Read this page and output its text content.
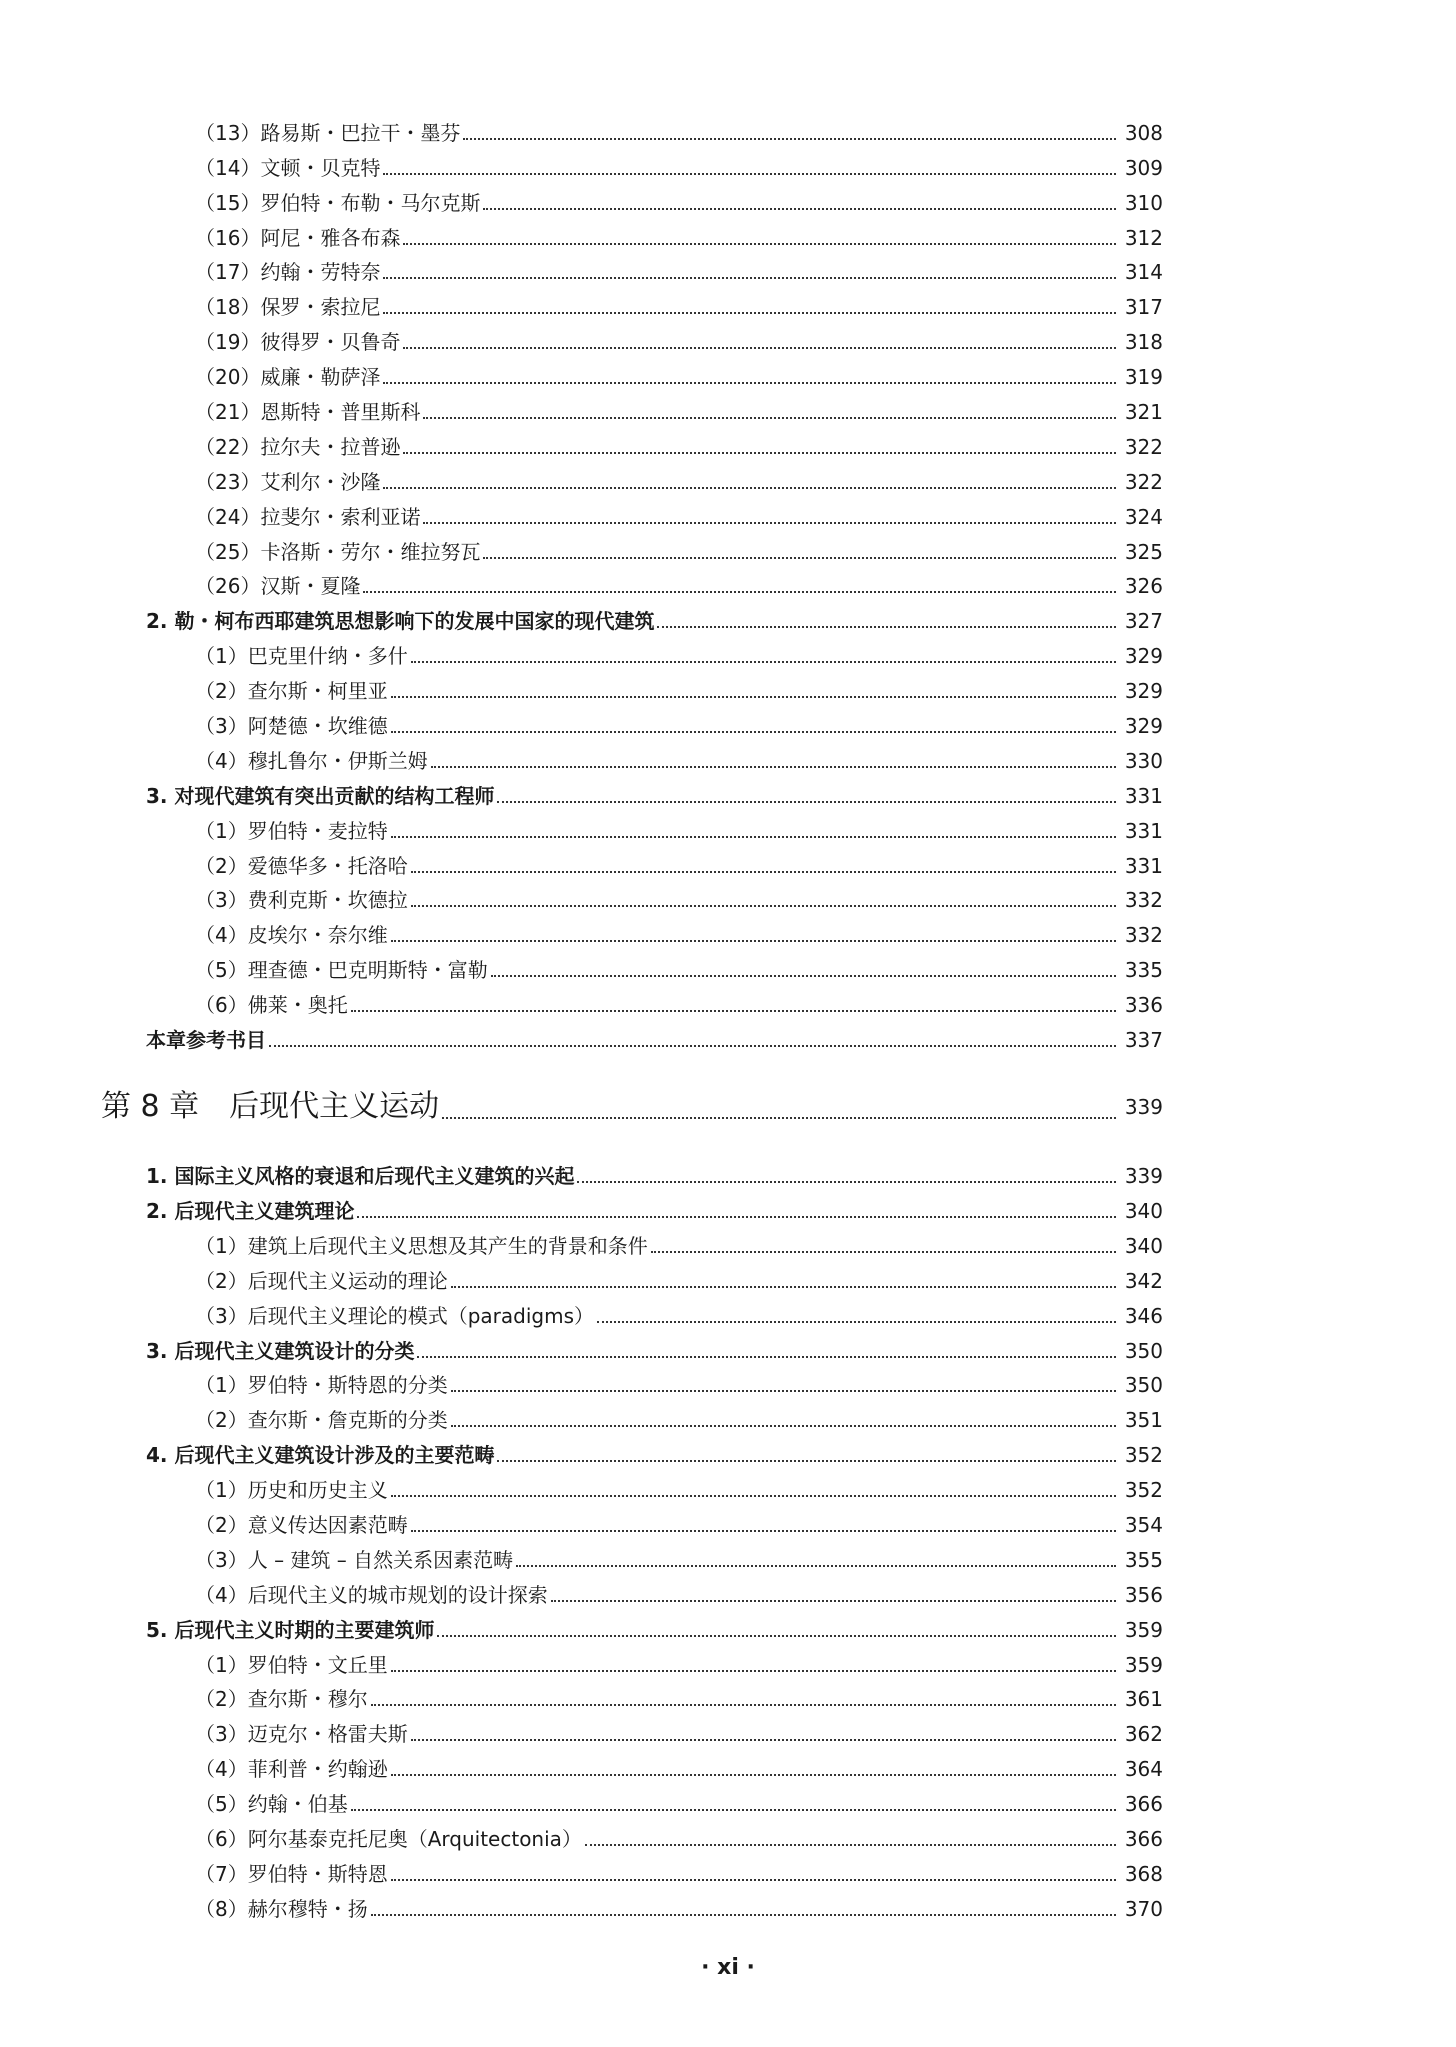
（13）路易斯・巴拉干・墨芬	308
（14）文顿・贝克特	309
（15）罗伯特・布勒・马尔克斯	310
（16）阿尼・雅各布森	312
（17）约翰・劳特奈	314
（18）保罗・索拉尼	317
（19）彼得罗・贝鲁奇	318
（20）威廉・勒萨泽	319
（21）恩斯特・普里斯科	321
（22）拉尔夫・拉普逊	322
（23）艾利尔・沙隆	322
（24）拉斐尔・索利亚诺	324
（25）卡洛斯・劳尔・维拉努瓦	325
（26）汉斯・夏隆	326
2. 勒・柯布西耶建筑思想影响下的发展中国家的现代建筑	327
（1）巴克里什纳・多什	329
（2）查尔斯・柯里亚	329
（3）阿楚德・坎维德	329
（4）穆扎鲁尔・伊斯兰姆	330
3. 对现代建筑有突出贡献的结构工程师	331
（1）罗伯特・麦拉特	331
（2）爱德华多・托洛哈	331
（3）费利克斯・坎德拉	332
（4）皮埃尔・奈尔维	332
（5）理查德・巴克明斯特・富勒	335
（6）佛莱・奥托	336
本章参考书目	337
第 8 章　后现代主义运动	339
1. 国际主义风格的衰退和后现代主义建筑的兴起	339
2. 后现代主义建筑理论	340
（1）建筑上后现代主义思想及其产生的背景和条件	340
（2）后现代主义运动的理论	342
（3）后现代主义理论的模式（paradigms）	346
3. 后现代主义建筑设计的分类	350
（1）罗伯特・斯特恩的分类	350
（2）查尔斯・詹克斯的分类	351
4. 后现代主义建筑设计涉及的主要范畴	352
（1）历史和历史主义	352
（2）意义传达因素范畴	354
（3）人 – 建筑 – 自然关系因素范畴	355
（4）后现代主义的城市规划的设计探索	356
5. 后现代主义时期的主要建筑师	359
（1）罗伯特・文丘里	359
（2）查尔斯・穆尔	361
（3）迈克尔・格雷夫斯	362
（4）菲利普・约翰逊	364
（5）约翰・伯基	366
（6）阿尔基泰克托尼奥（Arquitectonia）	366
（7）罗伯特・斯特恩	368
（8）赫尔穆特・扬	370
· xi ·
